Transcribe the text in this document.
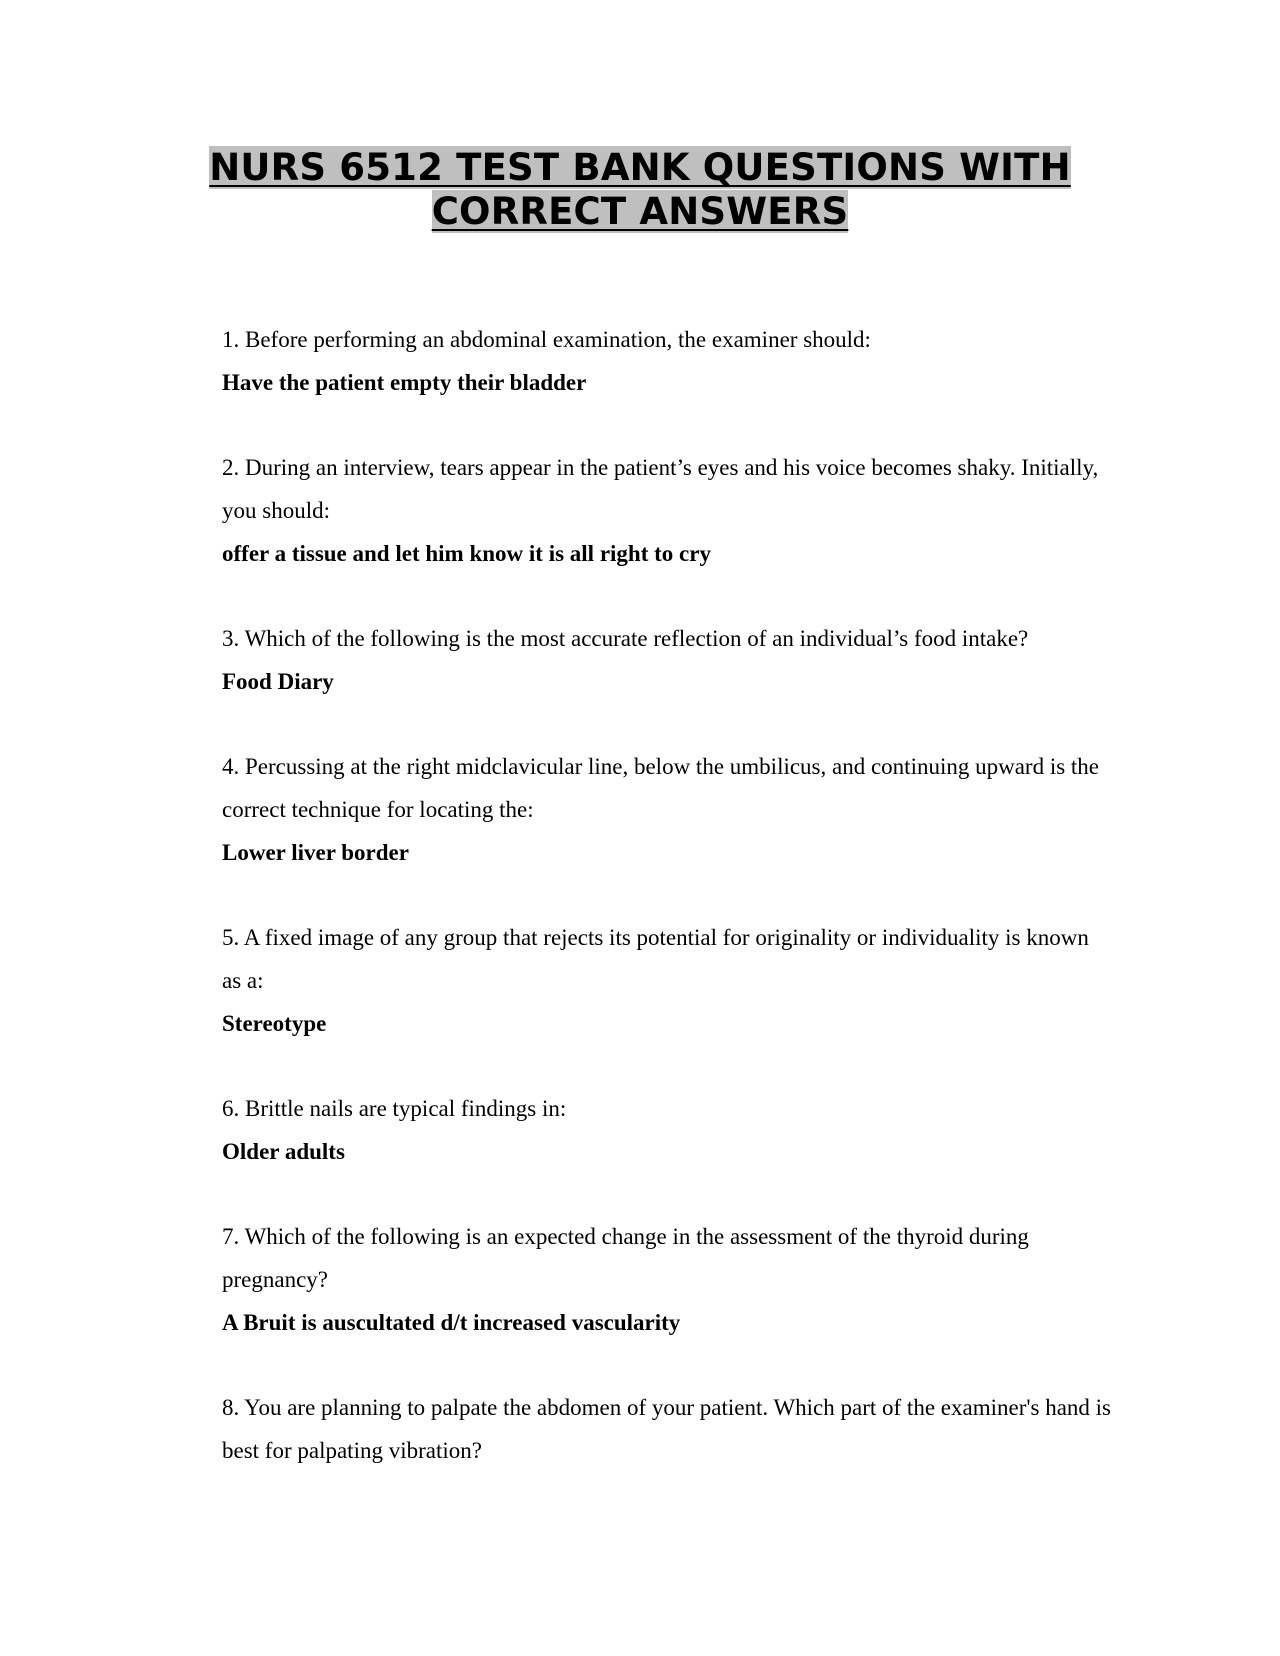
NURS 6512 TEST BANK QUESTIONS WITH
CORRECT ANSWERS
1. Before performing an abdominal examination, the examiner should:
Have the patient empty their bladder
2. During an interview, tears appear in the patient’s eyes and his voice becomes shaky. Initially, you should:
offer a tissue and let him know it is all right to cry
3. Which of the following is the most accurate reflection of an individual’s food intake?
Food Diary
4. Percussing at the right midclavicular line, below the umbilicus, and continuing upward is the correct technique for locating the:
Lower liver border
5. A fixed image of any group that rejects its potential for originality or individuality is known as a:
Stereotype
6. Brittle nails are typical findings in:
Older adults
7. Which of the following is an expected change in the assessment of the thyroid during pregnancy?
A Bruit is auscultated d/t increased vascularity
8. You are planning to palpate the abdomen of your patient. Which part of the examiner's hand is best for palpating vibration?
